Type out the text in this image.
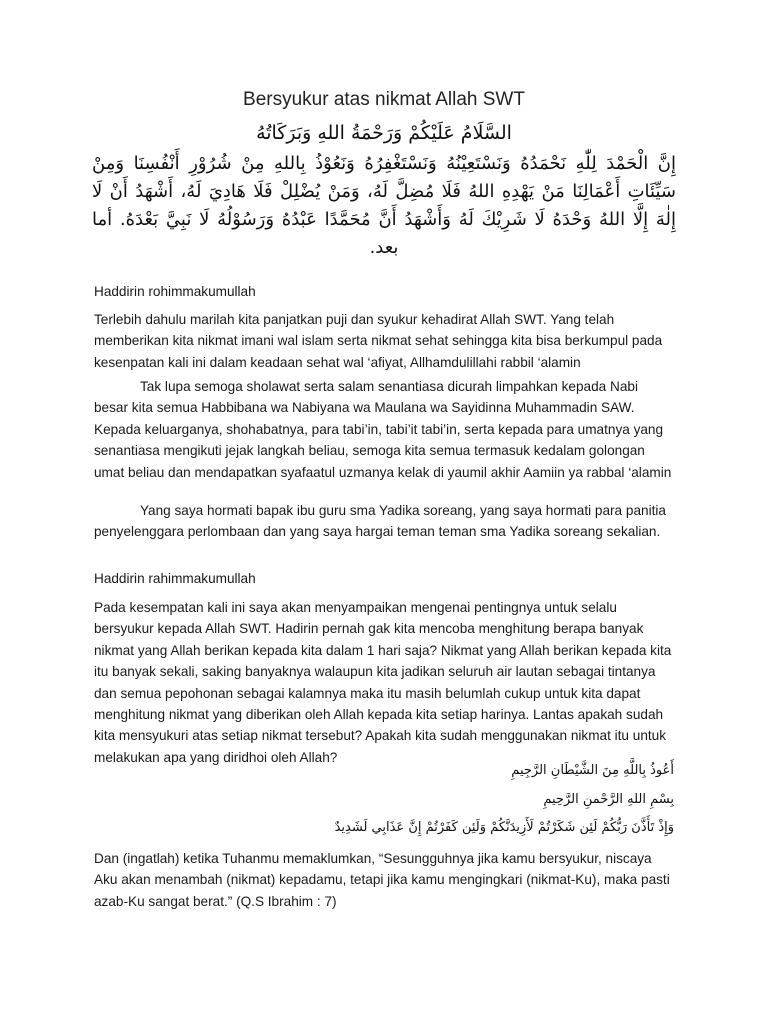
Bersyukur atas nikmat Allah SWT
السَّلَامُ عَلَيْكُمْ وَرَحْمَةُ اللهِ وَبَرَكَاتُهُ
إِنَّ الْحَمْدَ لِلّٰهِ نَحْمَدُهُ وَنَسْتَعِيْنُهُ وَنَسْتَغْفِرُهُ وَنَعُوْذُ بِاللهِ مِنْ شُرُوْرِ أَنْفُسِنَا وَمِنْ سَيِّئَاتِ أَعْمَالِنَا مَنْ يَهْدِهِ اللهُ فَلَا مُضِلَّ لَهُ، وَمَنْ يُضْلِلْ فَلَا هَادِيَ لَهُ، أَشْهَدُ أَنْ لَا إِلٰهَ إِلَّا اللهُ وَحْدَهُ لَا شَرِيْكَ لَهُ وَأَشْهَدُ أَنَّ مُحَمَّدًا عَبْدُهُ وَرَسُوْلُهُ لَا نَبِيَّ بَعْدَهُ. أما بعد.

Haddirin rohimmakumullah

Terlebih dahulu marilah kita panjatkan puji dan syukur kehadirat Allah SWT. Yang telah memberikan kita nikmat imani wal islam serta nikmat sehat sehingga kita bisa berkumpul pada kesenpatan kali ini dalam keadaan sehat wal ‘afiyat, Allhamdulillahi rabbil ‘alamin

Tak lupa semoga sholawat serta salam senantiasa dicurah limpahkan kepada Nabi besar kita semua Habbibana wa Nabiyana wa Maulana wa Sayidinna Muhammadin SAW. Kepada keluarganya, shohabatnya, para tabi’in, tabi’it tabi’in, serta kepada para umatnya yang senantiasa mengikuti jejak langkah beliau, semoga kita semua termasuk kedalam golongan umat beliau dan mendapatkan syafaatul uzmanya kelak di yaumil akhir Aamiin ya rabbal ‘alamin

Yang saya hormati bapak ibu guru sma Yadika soreang, yang saya hormati para panitia penyelenggara perlombaan dan yang saya hargai teman teman sma Yadika soreang sekalian.

Haddirin rahimmakumullah

Pada kesempatan kali ini saya akan menyampaikan mengenai pentingnya untuk selalu bersyukur kepada Allah SWT. Hadirin pernah gak kita mencoba menghitung berapa banyak nikmat yang Allah berikan kepada kita dalam 1 hari saja? Nikmat yang Allah berikan kepada kita itu banyak sekali, saking banyaknya walaupun kita jadikan seluruh air lautan sebagai tintanya dan semua pepohonan sebagai kalamnya maka itu masih belumlah cukup untuk kita dapat menghitung nikmat yang diberikan oleh Allah kepada kita setiap harinya. Lantas apakah sudah kita mensyukuri atas setiap nikmat tersebut? Apakah kita sudah menggunakan nikmat itu untuk melakukan apa yang diridhoi oleh Allah?

أَعُوذُ بِاللَّهِ مِنَ الشَّيْطَانِ الرَّجِيمِ

بِسْمِ اللهِ الرَّحْمنِ الرَّحِيمِ

وَإِذْ تَأَذَّنَ رَبُّكُمْ لَئِن شَكَرْتُمْ لَأَزِيدَنَّكُمْ وَلَئِن كَفَرْتُمْ إِنَّ عَذَابِي لَشَدِيدٌ

Dan (ingatlah) ketika Tuhanmu memaklumkan, “Sesungguhnya jika kamu bersyukur, niscaya Aku akan menambah (nikmat) kepadamu, tetapi jika kamu mengingkari (nikmat-Ku), maka pasti azab-Ku sangat berat.” (Q.S Ibrahim : 7)
